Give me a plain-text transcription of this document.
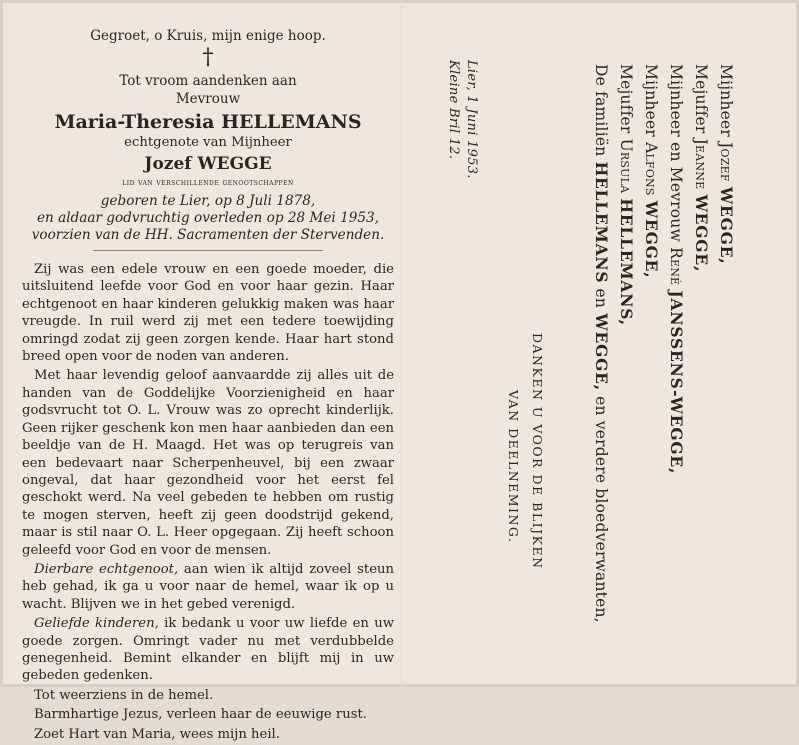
Gegroet, o Kruis, mijn enige hoop.
†
Tot vroom aandenken aan
Mevrouw
Maria-Theresia HELLEMANS
echtgenote van Mijnheer
Jozef WEGGE
lid van verschillende genootschappen
geboren te Lier, op 8 Juli 1878,
en aldaar godvruchtig overleden op 28 Mei 1953,
voorzien van de HH. Sacramenten der Stervenden.

Zij was een edele vrouw en een goede moeder, die uitsluitend leefde voor God en voor haar gezin. Haar echtgenoot en haar kinderen gelukkig maken was haar vreugde. In ruil werd zij met een tedere toewijding omringd zodat zij geen zorgen kende. Haar hart stond breed open voor de noden van anderen.

Met haar levendig geloof aanvaardde zij alles uit de handen van de Goddelijke Voorzienigheid en haar godsvrucht tot O. L. Vrouw was zo oprecht kinderlijk. Geen rijker geschenk kon men haar aanbieden dan een beeldje van de H. Maagd. Het was op terugreis van een bedevaart naar Scherpenheuvel, bij een zwaar ongeval, dat haar gezondheid voor het eerst fel geschokt werd. Na veel gebeden te hebben om rustig te mogen sterven, heeft zij geen doodstrijd gekend, maar is stil naar O. L. Heer opgegaan. Zij heeft schoon geleefd voor God en voor de mensen.

Dierbare echtgenoot, aan wien ik altijd zoveel steun heb gehad, ik ga u voor naar de hemel, waar ik op u wacht. Blijven we in het gebed verenigd.

Geliefde kinderen, ik bedank u voor uw liefde en uw goede zorgen. Omringt vader nu met verdubbelde genegenheid. Bemint elkander en blijft mij in uw gebeden gedenken.

Tot weerziens in de hemel.

Barmhartige Jezus, verleen haar de eeuwige rust.

Zoet Hart van Maria, wees mijn heil.

Lier, 1 Juni 1953.
Kleine Bril 12.
DANKEN U VOOR DE BLIJKEN
VAN DEELNEMING.
Mijnheer Jozef WEGGE,
Mejuffer Jeanne WEGGE,
Mijnheer en Mevrouw René JANSSENS-WEGGE,
Mijnheer Alfons WEGGE,
Mejuffer Ursula HELLEMANS,
De familiën HELLEMANS en WEGGE, en verdere bloedverwanten,
